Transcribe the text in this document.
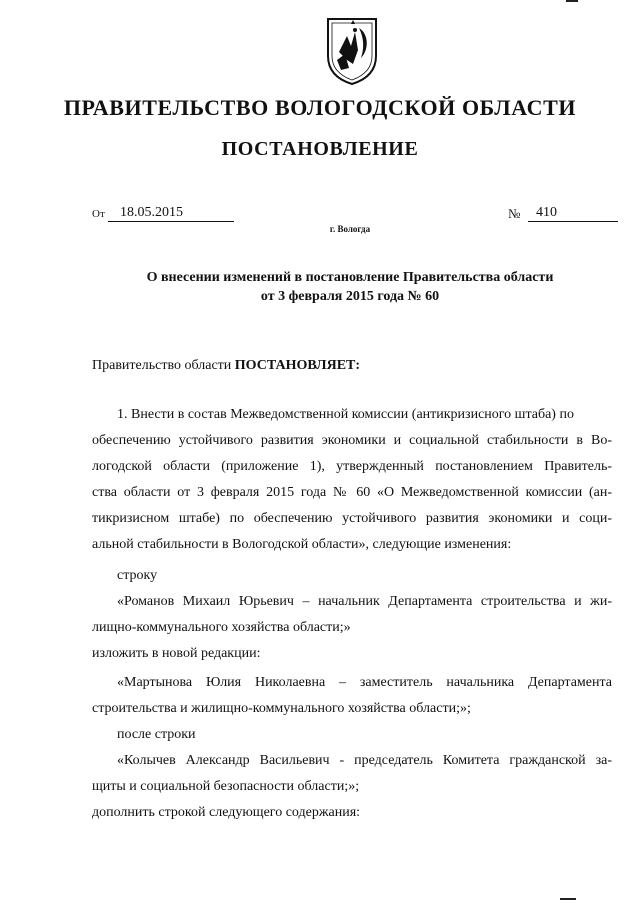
ПРАВИТЕЛЬСТВО ВОЛОГОДСКОЙ ОБЛАСТИ
ПОСТАНОВЛЕНИЕ
От	18.05.2015	№	410
г. Вологда
О внесении изменений в постановление Правительства области
от 3 февраля 2015 года № 60
Правительство области ПОСТАНОВЛЯЕТ:
1. Внести в состав Межведомственной комиссии (антикризисного штаба) по
обеспечению устойчивого развития экономики и социальной стабильности в Во-
логодской области (приложение 1), утвержденный постановлением Правитель-
ства области от 3 февраля 2015 года № 60 «О Межведомственной комиссии (ан-
тикризисном штабе) по обеспечению устойчивого развития экономики и соци-
альной стабильности в Вологодской области», следующие изменения:
строку
«Романов Михаил Юрьевич – начальник Департамента строительства и жи-
лищно-коммунального хозяйства области;»
изложить в новой редакции:
«Мартынова Юлия Николаевна – заместитель начальника Департамента
строительства и жилищно-коммунального хозяйства области;»;
после строки
«Колычев Александр Васильевич - председатель Комитета гражданской за-
щиты и социальной безопасности области;»;
дополнить строкой следующего содержания:
